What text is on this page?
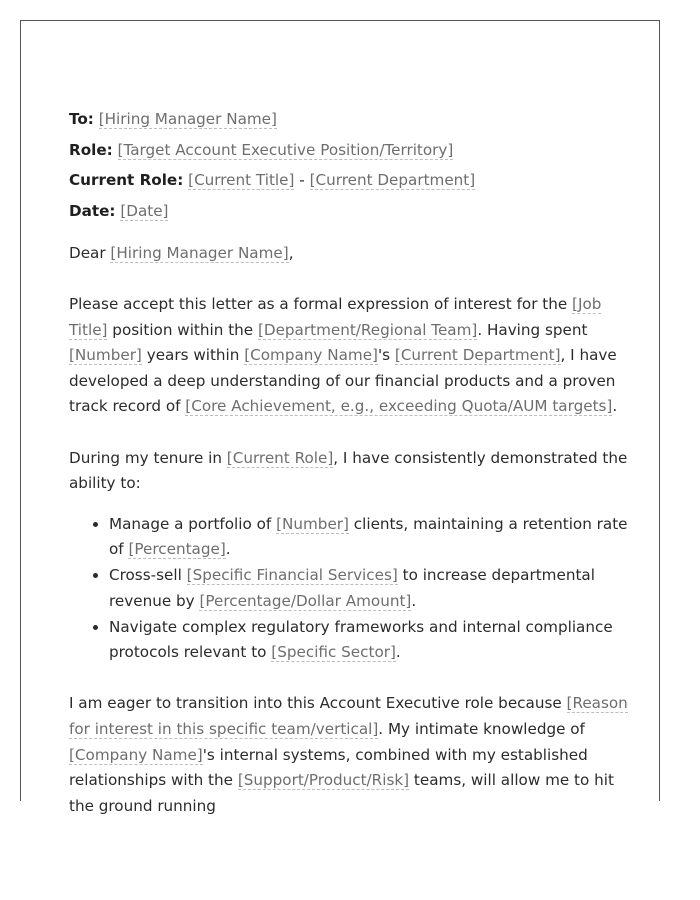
To: [Hiring Manager Name]

Role: [Target Account Executive Position/Territory]

Current Role: [Current Title] - [Current Department]

Date: [Date]

Dear [Hiring Manager Name],

Please accept this letter as a formal expression of interest for the [Job Title] position within the [Department/Regional Team]. Having spent [Number] years within [Company Name]'s [Current Department], I have developed a deep understanding of our financial products and a proven track record of [Core Achievement, e.g., exceeding Quota/AUM targets].

During my tenure in [Current Role], I have consistently demonstrated the ability to:

• Manage a portfolio of [Number] clients, maintaining a retention rate of [Percentage].
• Cross-sell [Specific Financial Services] to increase departmental revenue by [Percentage/Dollar Amount].
• Navigate complex regulatory frameworks and internal compliance protocols relevant to [Specific Sector].

I am eager to transition into this Account Executive role because [Reason for interest in this specific team/vertical]. My intimate knowledge of [Company Name]'s internal systems, combined with my established relationships with the [Support/Product/Risk] teams, will allow me to hit the ground running
